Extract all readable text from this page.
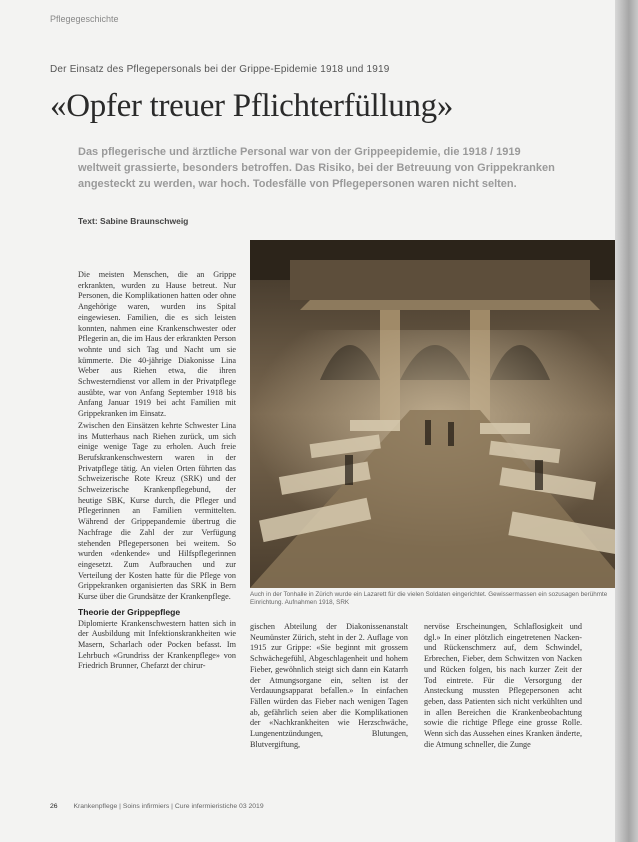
Pflegegeschichte
Der Einsatz des Pflegepersonals bei der Grippe-Epidemie 1918 und 1919
«Opfer treuer Pflichterfüllung»

Das pflegerische und ärztliche Personal war von der Grippeepidemie, die 1918 / 1919 weltweit grassierte, besonders betroffen. Das Risiko, bei der Betreuung von Grippekranken angesteckt zu werden, war hoch. Todesfälle von Pflegepersonen waren nicht selten.

Text: Sabine Braunschweig

Die meisten Menschen, die an Grippe erkrankten, wurden zu Hause betreut. Nur Personen, die Komplikationen hatten oder ohne Angehörige waren, wurden ins Spital eingewiesen. Familien, die es sich leisten konnten, nahmen eine Krankenschwester oder Pflegerin an, die im Haus der erkrankten Person wohnte und sich Tag und Nacht um sie kümmerte. Die 40-jährige Diakonisse Lina Weber aus Riehen etwa, die ihren Schwesterndienst vor allem in der Privatpflege ausübte, war von Anfang September 1918 bis Anfang Januar 1919 bei acht Familien mit Grippekranken im Einsatz.

Zwischen den Einsätzen kehrte Schwester Lina ins Mutterhaus nach Riehen zurück, um sich einige wenige Tage zu erholen. Auch freie Berufskrankenschwestern waren in der Privatpflege tätig. An vielen Orten führten das Schweizerische Rote Kreuz (SRK) und der Schweizerische Krankenpflegebund, der heutige SBK, Kurse durch, die Pfleger und Pflegerinnen an Familien vermittelten. Während der Grippepandemie übertrug die Nachfrage die Zahl der zur Verfügung stehenden Pflegepersonen bei weitem. So wurden «denkende» und Hilfspflegerinnen eingesetzt. Zum Aufbrauchen und zur Verteilung der Kosten hatte für die Pflege von Grippekranken organisierten das SRK in Bern Kurse über die Grundsätze der Krankenpflege.

Theorie der Grippepflege

Diplomierte Krankenschwestern hatten sich in der Ausbildung mit Infektionskrankheiten wie Masern, Scharlach oder Pocken befasst. Im Lehrbuch «Grundriss der Krankenpflege» von Friedrich Brunner, Chefarzt der chirur-

Auch in der Tonhalle in Zürich wurde ein Lazarett für die vielen Soldaten eingerichtet. Gewissermassen ein sozusagen berühmte Einrichtung. Aufnahmen 1918, SRK

gischen Abteilung der Diakonissenanstalt Neumünster Zürich, steht in der 2. Auflage von 1915 zur Grippe: «Sie beginnt mit grossem Schwächegefühl, Abgeschlagenheit und hohem Fieber, gewöhnlich steigt sich dann ein Katarrh der Atmungsorgane ein, selten ist der Verdauungsapparat befallen.» In einfachen Fällen würden das Fieber nach wenigen Tagen ab, gefährlich seien aber die Komplikationen der «Nachkrankheiten wie Herzschwäche, Lungenentzündungen, Blutungen, Blutvergiftung,

nervöse Erscheinungen, Schlaflosigkeit und dgl.» In einer plötzlich eingetretenen Nacken- und Rückenschmerz auf, dem Schwindel, Erbrechen, Fieber, dem Schwitzen von Nacken und Rücken folgen, bis nach kurzer Zeit der Tod eintrete. Für die Versorgung der Ansteckung mussten Pflegepersonen acht geben, dass Patienten sich nicht verkühlten und in allen Bereichen die Krankenbeobachtung sowie die richtige Pflege eine grosse Rolle. Wenn sich das Aussehen eines Kranken änderte, die Atmung schneller, die Zunge

26 Krankenpflege | Soins infirmiers | Cure infermieristiche 03 2019
